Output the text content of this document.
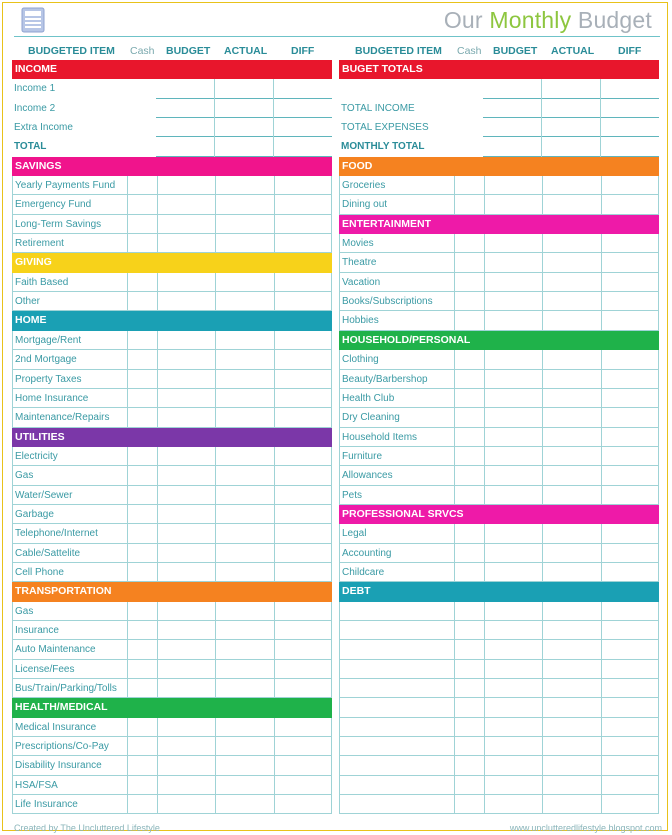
Our Monthly Budget
BUDGETED ITEM Cash BUDGET ACTUAL DIFF
INCOME
Income 1
Income 2
Extra Income
TOTAL
SAVINGS
Yearly Payments Fund
Emergency Fund
Long-Term Savings
Retirement
GIVING
Faith Based
Other
HOME
Mortgage/Rent
2nd Mortgage
Property Taxes
Home Insurance
Maintenance/Repairs
UTILITIES
Electricity
Gas
Water/Sewer
Garbage
Telephone/Internet
Cable/Sattelite
Cell Phone
TRANSPORTATION
Gas
Insurance
Auto Maintenance
License/Fees
Bus/Train/Parking/Tolls
HEALTH/MEDICAL
Medical Insurance
Prescriptions/Co-Pay
Disability Insurance
HSA/FSA
Life Insurance
BUDGETED ITEM Cash BUDGET ACTUAL DIFF
BUGET TOTALS
TOTAL INCOME
TOTAL EXPENSES
MONTHLY TOTAL
FOOD
Groceries
Dining out
ENTERTAINMENT
Movies
Theatre
Vacation
Books/Subscriptions
Hobbies
HOUSEHOLD/PERSONAL
Clothing
Beauty/Barbershop
Health Club
Dry Cleaning
Household Items
Furniture
Allowances
Pets
PROFESSIONAL SRVCS
Legal
Accounting
Childcare
DEBT
Created by The Uncluttered Lifestyle	www.unclutteredlifestyle.blogspot.com
